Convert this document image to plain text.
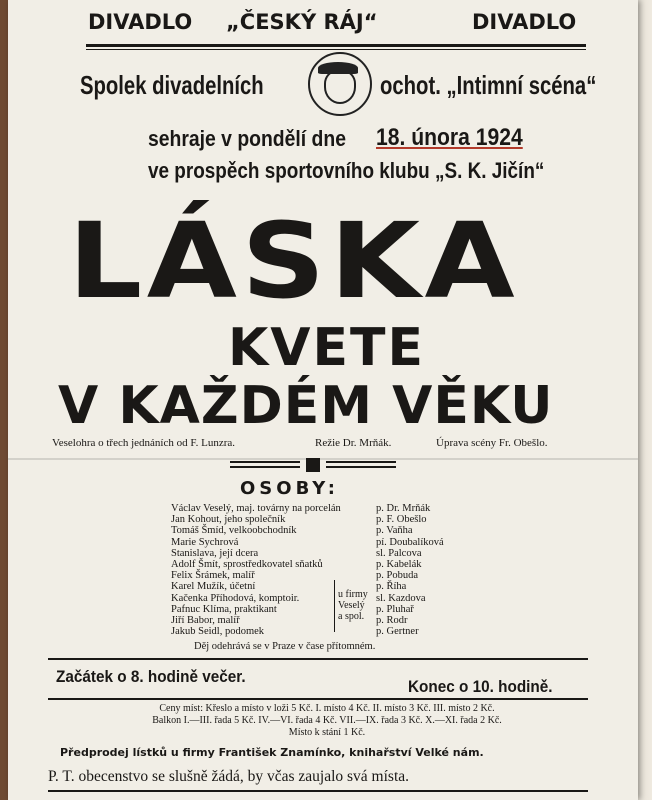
DIVADLO „ČESKÝ RÁJ“	DIVADLO
Spolek divadelních	ochot. „Intimní scéna“
sehraje v pondělí dne 18. února 1924
ve prospěch sportovního klubu „S. K. Jičín“
LÁSKA
KVETE
V KAŽDÉM VĚKU
Veselohra o třech jednáních od F. Lunzra.	Režie Dr. Mrňák.	Úprava scény Fr. Obešlo.
OSOBY:
Václav Veselý, maj. továrny na porcelán	p. Dr. Mrňák
Jan Kohout, jeho společník	p. F. Obešlo
Tomáš Šmíd, velkoobchodník	p. Vaňha
Marie Sychrová	pí. Doubalíková
Stanislava, její dcera	sl. Palcova
Adolf Šmít, sprostředkovatel sňatků	p. Kabelák
Felix Šrámek, malíř	p. Pobuda
Karel Mužík, účetní	p. Říha
Kačenka Příhodová, komptoir.	sl. Kazdova
Pafnuc Klíma, praktikant	p. Pluhař
Jiří Babor, malíř	p. Rodr
Jakub Seidl, podomek	p. Gertner
u firmy
Veselý
a spol.
Děj odehrává se v Praze v čase přítomném.
Začátek o 8. hodině večer.
Konec o 10. hodině.
Ceny míst: Křeslo a místo v loži 5 Kč. I. místo 4 Kč. II. místo 3 Kč. III. místo 2 Kč.
Balkon I.—III. řada 5 Kč. IV.—VI. řada 4 Kč. VII.—IX. řada 3 Kč. X.—XI. řada 2 Kč.
Místo k stání 1 Kč.
Předprodej lístků u firmy František Znamínko, knihařství Velké nám.
P. T. obecenstvo se slušně žádá, by včas zaujalo svá místa.
